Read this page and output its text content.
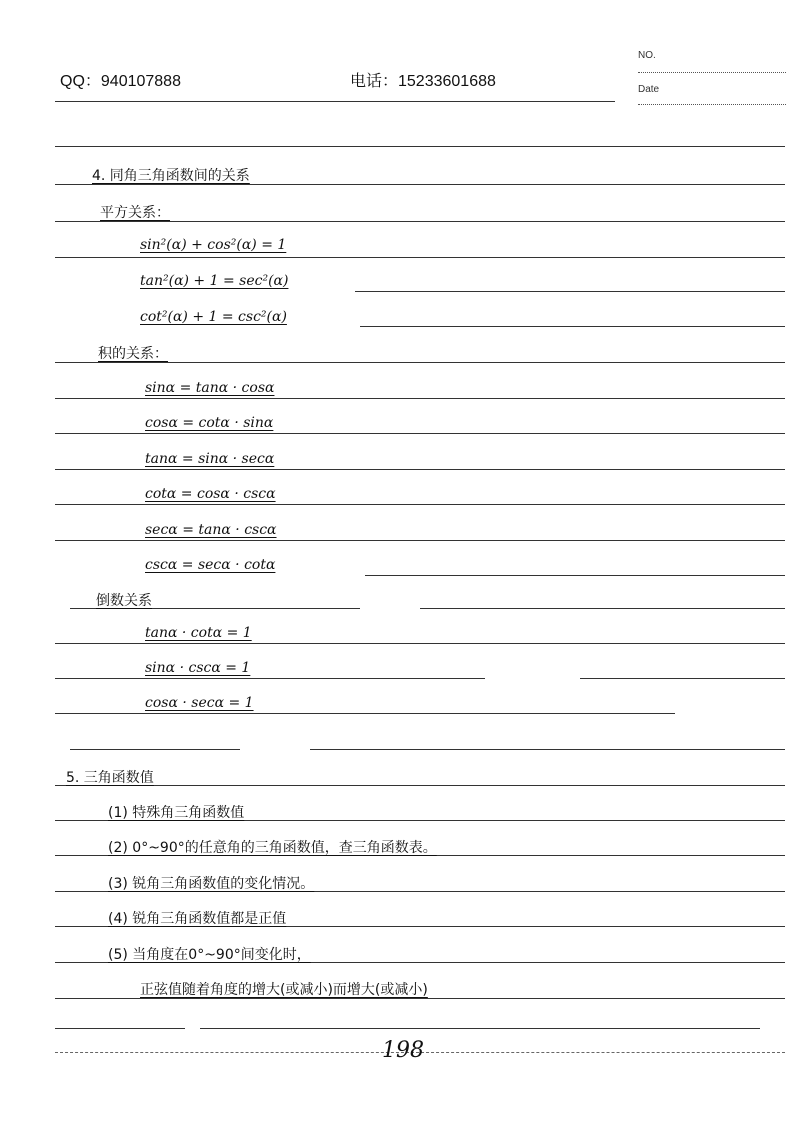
QQ：940107888	电话：15233601688
NO.
Date
4. 同角三角函数间的关系
平方关系：
sin²(α) + cos²(α) = 1
tan²(α) + 1 = sec²(α)
cot²(α) + 1 = csc²(α)
积的关系：
sinα = tanα · cosα
cosα = cotα · sinα
tanα = sinα · secα
cotα = cosα · cscα
secα = tanα · cscα
cscα = secα · cotα
倒数关系
tanα · cotα = 1
sinα · cscα = 1
cosα · secα = 1
5. 三角函数值
(1) 特殊角三角函数值
(2) 0°~90°的任意角的三角函数值，查三角函数表。
(3) 锐角三角函数值的变化情况。
(4) 锐角三角函数值都是正值
(5) 当角度在0°~90°间变化时，
正弦值随着角度的增大(或减小)而增大(或减小)
198
